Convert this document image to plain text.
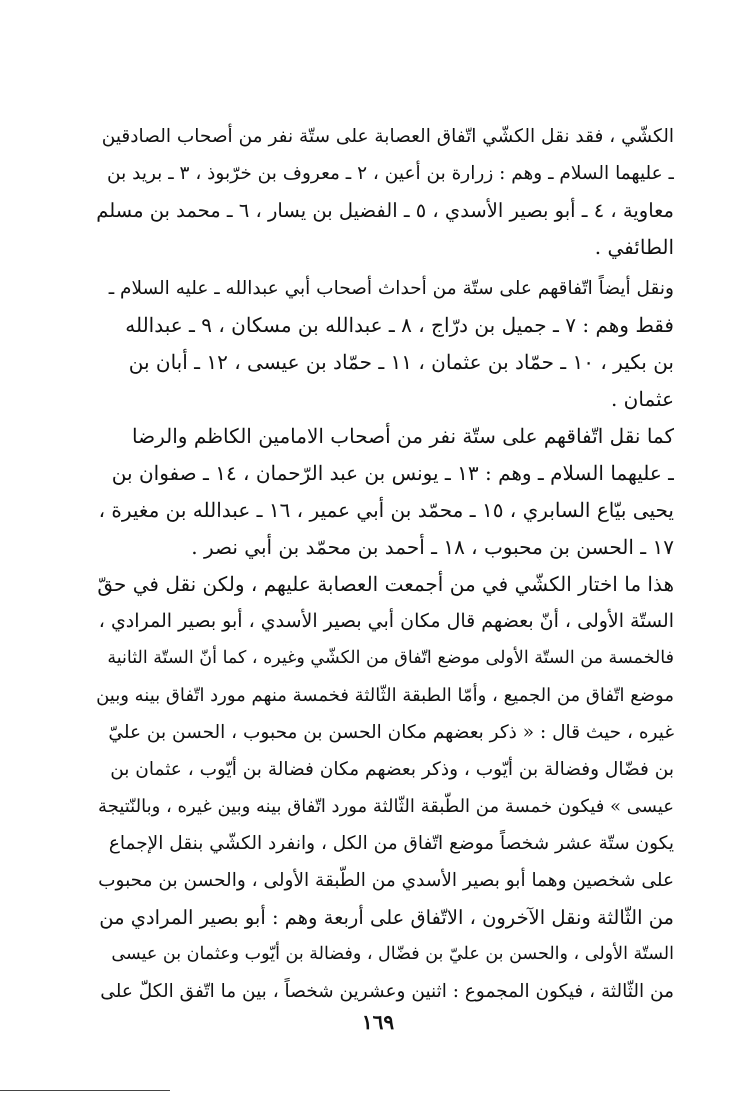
الكشّي ، فقد نقل الكشّي اتّفاق العصابة على ستّة نفر من أصحاب الصادقين
ـ عليهما السلام ـ وهم : زرارة بن أعين ، ٢ ـ معروف بن خرّبوذ ، ٣ ـ بريد بن
معاوية ، ٤ ـ أبو بصير الأسدي ، ٥ ـ الفضيل بن يسار ، ٦ ـ محمد بن مسلم
الطائفي .
ونقل أيضاً اتّفاقهم على ستّة من أحداث أصحاب أبي عبدالله ـ عليه السلام ـ
فقط وهم : ٧ ـ جميل بن درّاج ، ٨ ـ عبدالله بن مسكان ، ٩ ـ عبدالله
بن بكير ، ١٠ ـ حمّاد بن عثمان ، ١١ ـ حمّاد بن عيسى ، ١٢ ـ أبان بن
عثمان .
كما نقل اتّفاقهم على ستّة نفر من أصحاب الامامين الكاظم والرضا
ـ عليهما السلام ـ وهم : ١٣ ـ يونس بن عبد الرّحمان ، ١٤ ـ صفوان بن
يحيى بيّاع السابري ، ١٥ ـ محمّد بن أبي عمير ، ١٦ ـ عبدالله بن مغيرة ،
١٧ ـ الحسن بن محبوب ، ١٨ ـ أحمد بن محمّد بن أبي نصر .
هذا ما اختار الكشّي في من أجمعت العصابة عليهم ، ولكن نقل في حقّ
الستّة الأولى ، أنّ بعضهم قال مكان أبي بصير الأسدي ، أبو بصير المرادي ،
فالخمسة من الستّة الأولى موضع اتّفاق من الكشّي وغيره ، كما أنّ الستّة الثانية
موضع اتّفاق من الجميع ، وأمّا الطبقة الثّالثة فخمسة منهم مورد اتّفاق بينه وبين
غيره ، حيث قال : « ذكر بعضهم مكان الحسن بن محبوب ، الحسن بن عليّ
بن فضّال وفضالة بن أيّوب ، وذكر بعضهم مكان فضالة بن أيّوب ، عثمان بن
عيسى » فيكون خمسة من الطّبقة الثّالثة مورد اتّفاق بينه وبين غيره ، وبالنّتيجة
يكون ستّة عشر شخصاً موضع اتّفاق من الكل ، وانفرد الكشّي بنقل الإجماع
على شخصين وهما أبو بصير الأسدي من الطّبقة الأولى ، والحسن بن محبوب
من الثّالثة ونقل الآخرون ، الاتّفاق على أربعة وهم : أبو بصير المرادي من
الستّة الأولى ، والحسن بن عليّ بن فضّال ، وفضالة بن أيّوب وعثمان بن عيسى
من الثّالثة ، فيكون المجموع : اثنين وعشرين شخصاً ، بين ما اتّفق الكلّ على
١٦٩
